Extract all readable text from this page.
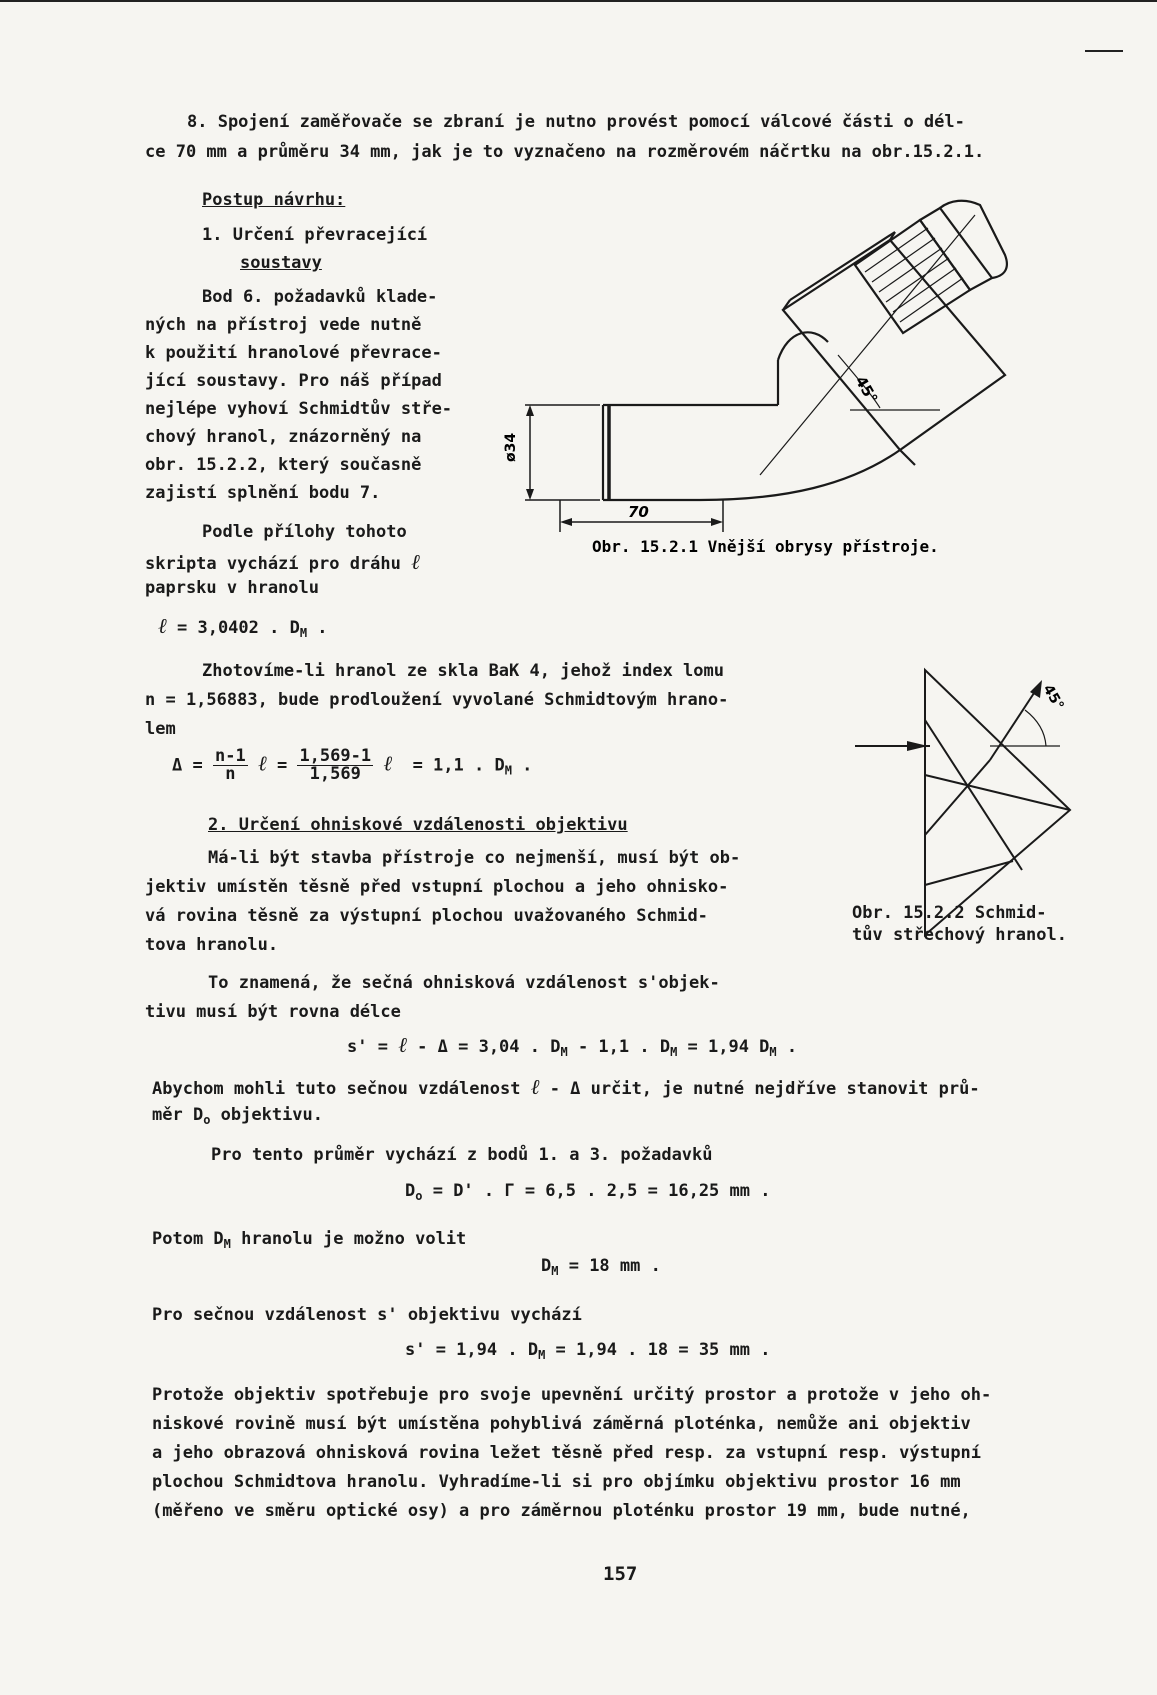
8. Spojení zaměřovače se zbraní je nutno provést pomocí válcové části o dél-
ce 70 mm a průměru 34 mm, jak je to vyznačeno na rozměrovém náčrtku na obr.15.2.1.
Postup návrhu:
1. Určení převracející
soustavy
Bod 6. požadavků klade-
ných na přístroj vede nutně
k použití hranolové převrace-
jící soustavy. Pro náš případ
nejlépe vyhoví Schmidtův stře-
chový hranol, znázorněný na
obr. 15.2.2, který současně
zajistí splnění bodu 7.
Podle přílohy tohoto
skripta vychází pro dráhu ℓ
paprsku v hranolu
ℓ = 3,0402 . $D_M$ .
Zhotovíme-li hranol ze skla BaK 4, jehož index lomu
n = 1,56883, bude prodloužení vyvolané Schmidtovým hrano-
lem
$\Delta = \frac{n-1}{n}$ ℓ = $\frac{1,569-1}{1,569}$ ℓ = 1,1 . $D_M$ .
2. Určení ohniskové vzdálenosti objektivu
Má-li být stavba přístroje co nejmenší, musí být ob-
jektiv umístěn těsně před vstupní plochou a jeho ohnisko-
vá rovina těsně za výstupní plochou uvažovaného Schmid-
tova hranolu.
To znamená, že sečná ohnisková vzdálenost s'objek-
tivu musí být rovna délce
s' = ℓ - Δ = 3,04 . $D_M - 1,1$ . $D_M = 1,94$ $D_M$ .
Abychom mohli tuto sečnou vzdálenost ℓ - Δ určit, je nutné nejdříve stanovit prů-
měr $D_o$ objektivu.
Pro tento průměr vychází z bodů 1. a 3. požadavků
$D_o = D'$ . Γ = 6,5 . 2,5 = 16,25 mm .
Potom $D_M$ hranolu je možno volit
$D_M = 18$ mm .
Pro sečnou vzdálenost s' objektivu vychází
s' = 1,94 . $D_M = 1,94$ . 18 = 35 mm .
Protože objektiv spotřebuje pro svoje upevnění určitý prostor a protože v jeho oh-
niskové rovině musí být umístěna pohyblivá záměrná ploténka, nemůže ani objektiv
a jeho obrazová ohnisková rovina ležet těsně před resp. za vstupní resp. výstupní
plochou Schmidtova hranolu. Vyhradíme-li si pro objímku objektivu prostor 16 mm
(měřeno ve směru optické osy) a pro záměrnou ploténku prostor 19 mm, bude nutné,
157
45°
ø34
70
Obr. 15.2.1 Vnější obrysy přístroje.
45°
Obr. 15.2.2 Schmid-
tův střechový hranol.
